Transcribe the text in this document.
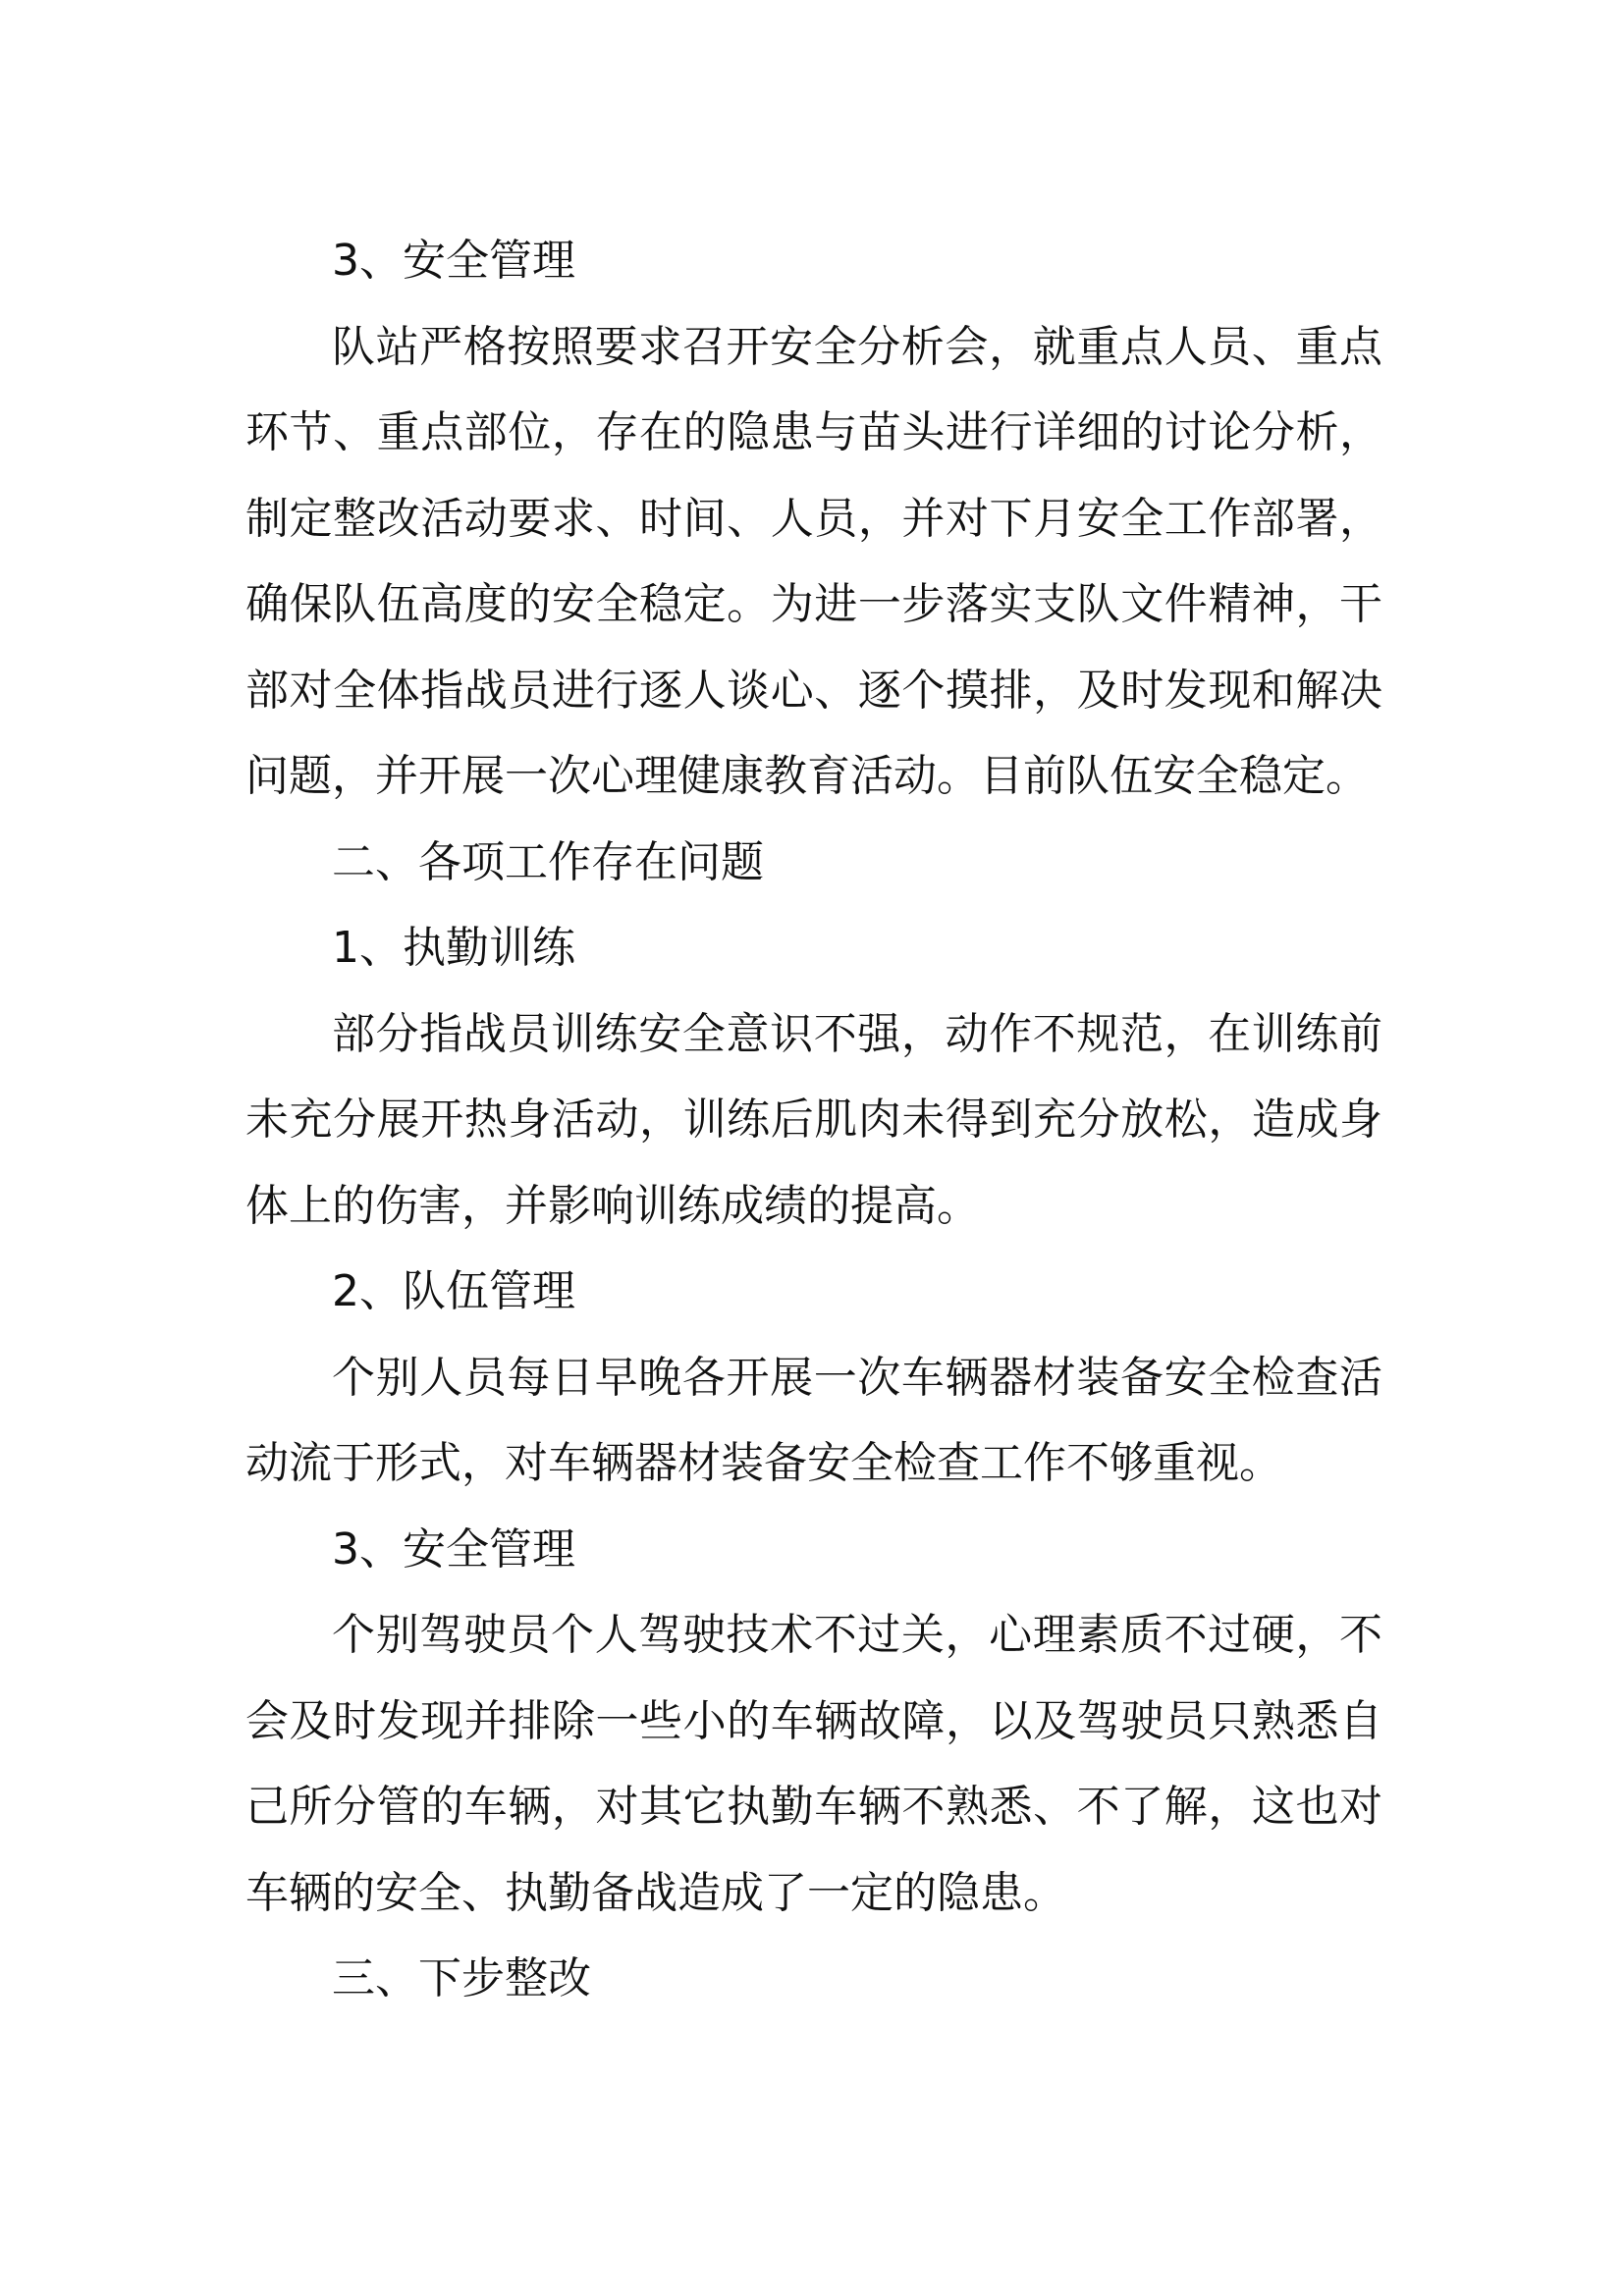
3、安全管理

队站严格按照要求召开安全分析会，就重点人员、重点环节、重点部位，存在的隐患与苗头进行详细的讨论分析，制定整改活动要求、时间、人员，并对下月安全工作部署，确保队伍高度的安全稳定。为进一步落实支队文件精神，干部对全体指战员进行逐人谈心、逐个摸排，及时发现和解决问题，并开展一次心理健康教育活动。目前队伍安全稳定。

二、各项工作存在问题

1、执勤训练

部分指战员训练安全意识不强，动作不规范，在训练前未充分展开热身活动，训练后肌肉未得到充分放松，造成身体上的伤害，并影响训练成绩的提高。

2、队伍管理

个别人员每日早晚各开展一次车辆器材装备安全检查活动流于形式，对车辆器材装备安全检查工作不够重视。

3、安全管理

个别驾驶员个人驾驶技术不过关，心理素质不过硬，不会及时发现并排除一些小的车辆故障，以及驾驶员只熟悉自己所分管的车辆，对其它执勤车辆不熟悉、不了解，这也对车辆的安全、执勤备战造成了一定的隐患。

三、下步整改
